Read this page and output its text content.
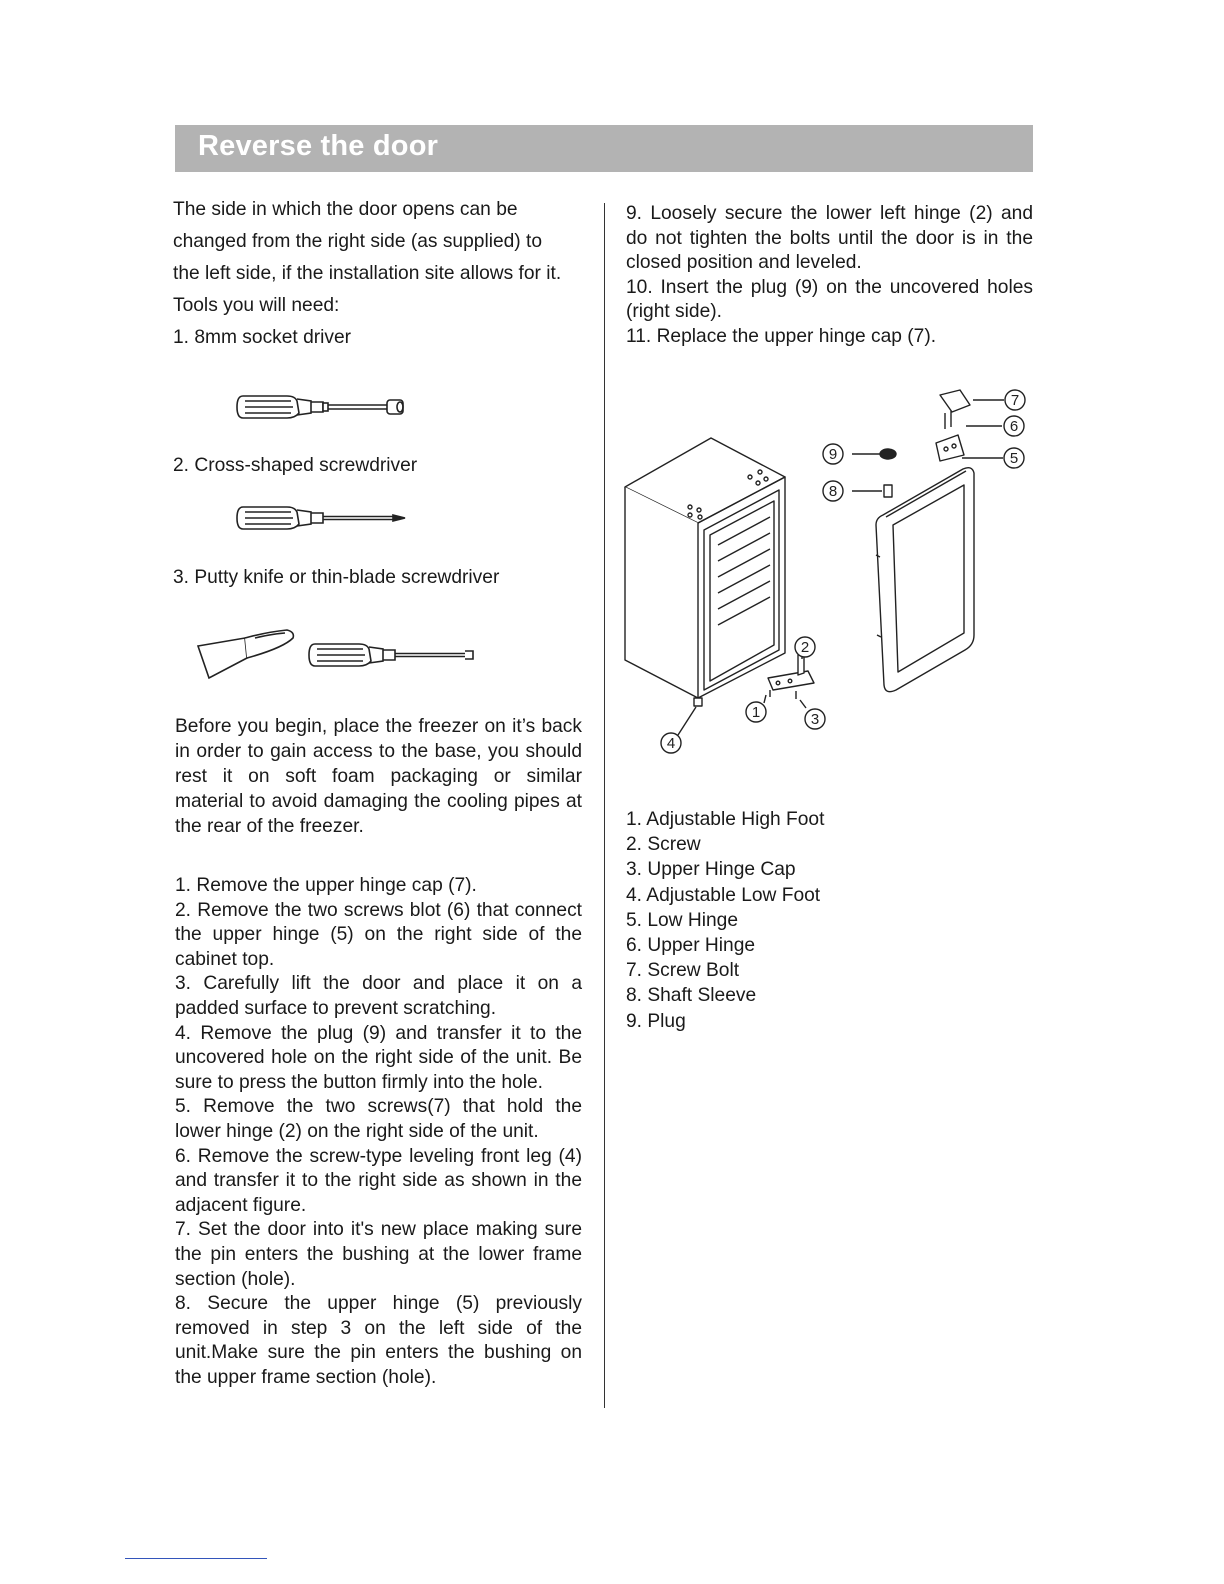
Reverse the door
The side in which the door opens can be
changed from the right side (as supplied) to
the left side, if the installation site allows for it.
Tools you will need:
1. 8mm socket driver
2. Cross-shaped screwdriver
3. Putty knife or thin-blade screwdriver

Before you begin, place the freezer on it’s back in order to gain access to the base, you should rest it on soft foam packaging or similar material to avoid damaging the cooling pipes at the rear of the freezer.

1. Remove the upper hinge cap (7).

2. Remove the two screws blot (6) that connect the upper hinge (5) on the right side of the cabinet top.

3. Carefully lift the door and place it on a padded surface to prevent scratching.

4. Remove the plug (9) and transfer it to the uncovered hole on the right side of the unit. Be sure to press the button firmly into the hole.

5. Remove the two screws(7) that hold the lower hinge (2) on the right side of the unit.

6. Remove the screw-type leveling front leg (4) and transfer it to the right side as shown in the adjacent figure.

7. Set the door into it's new place making sure the pin enters the bushing at the lower frame section (hole).

8. Secure the upper hinge (5) previously removed in step 3 on the left side of the unit.Make sure the pin enters the bushing on the upper frame section (hole).

9. Loosely secure the lower left hinge (2) and do not tighten the bolts until the door is in the closed position and leveled.

10. Insert the plug (9) on the uncovered holes (right side).

11. Replace the upper hinge cap (7).

9
8
7
6
5
2
1	3
4
1. Adjustable High Foot
2. Screw
3. Upper Hinge Cap
4. Adjustable Low Foot
5. Low Hinge
6. Upper Hinge
7. Screw Bolt
8. Shaft Sleeve
9. Plug
